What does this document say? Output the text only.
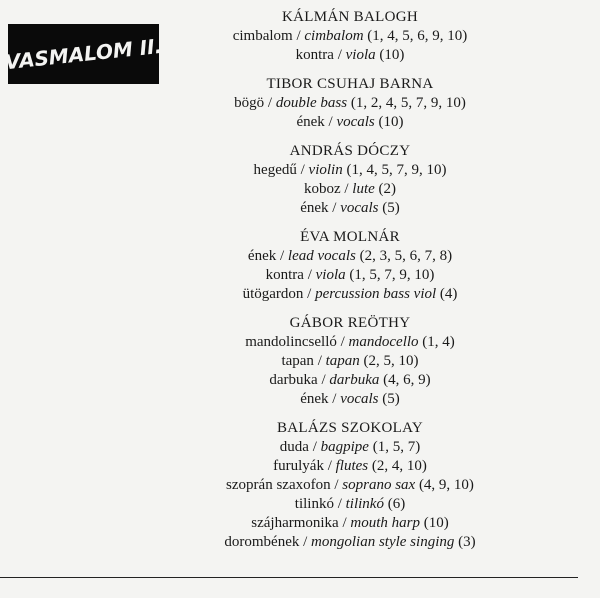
VASMALOM II.
KÁLMÁN BALOGH
cimbalom / cimbalom (1, 4, 5, 6, 9, 10)
kontra / viola (10)
TIBOR CSUHAJ BARNA
bögö / double bass (1, 2, 4, 5, 7, 9, 10)
ének / vocals (10)
ANDRÁS DÓCZY
hegedű / violin (1, 4, 5, 7, 9, 10)
koboz / lute (2)
ének / vocals (5)
ÉVA MOLNÁR
ének / lead vocals (2, 3, 5, 6, 7, 8)
kontra / viola (1, 5, 7, 9, 10)
ütögardon / percussion bass viol (4)
GÁBOR REÖTHY
mandolincselló / mandocello (1, 4)
tapan / tapan (2, 5, 10)
darbuka / darbuka (4, 6, 9)
ének / vocals (5)
BALÁZS SZOKOLAY
duda / bagpipe (1, 5, 7)
furulyák / flutes (2, 4, 10)
szoprán szaxofon / soprano sax (4, 9, 10)
tilinkó / tilinkó (6)
szájharmonika / mouth harp (10)
dorombének / mongolian style singing (3)
